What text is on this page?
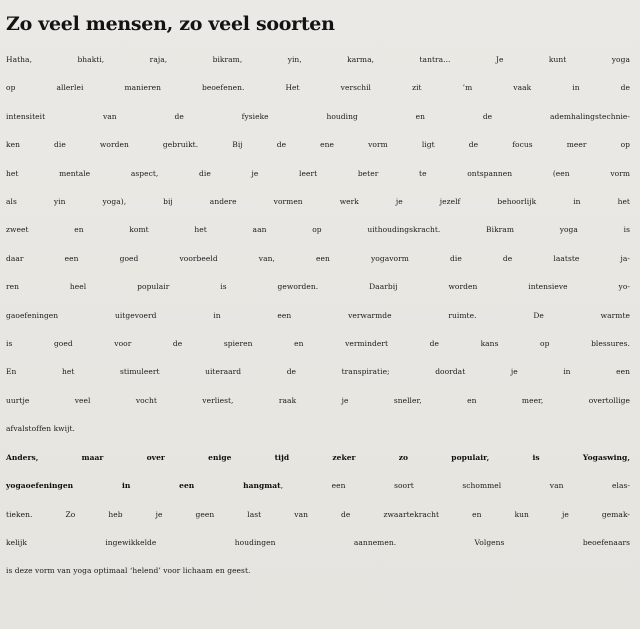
Zo veel mensen, zo veel soorten
Hatha, bhakti, raja, bikram, yin, karma, tantra... Je kunt yoga
op allerlei manieren beoefenen. Het verschil zit ’m vaak in de
intensiteit van de fysieke houding en de ademhalingstechnie-
ken die worden gebruikt. Bij de ene vorm ligt de focus meer op
het mentale aspect, die je leert beter te ontspannen (een vorm
als yin yoga), bij andere vormen werk je jezelf behoorlijk in het
zweet en komt het aan op uithoudingskracht. Bikram yoga is
daar een goed voorbeeld van, een yogavorm die de laatste ja-
ren heel populair is geworden. Daarbij worden intensieve yo-
gaoefeningen uitgevoerd in een verwarmde ruimte. De warmte
is goed voor de spieren en vermindert de kans op blessures.
En het stimuleert uiteraard de transpiratie; doordat je in een
uurtje veel vocht verliest, raak je sneller, en meer, overtollige
afvalstoffen kwijt.
Anders, maar over enige tijd zeker zo populair, is Yogaswing,
yogaoefeningen in een hangmat, een soort schommel van elas-
tieken. Zo heb je geen last van de zwaartekracht en kun je gemak-
kelijk ingewikkelde houdingen aannemen. Volgens beoefenaars
is deze vorm van yoga optimaal ‘helend’ voor lichaam en geest.
